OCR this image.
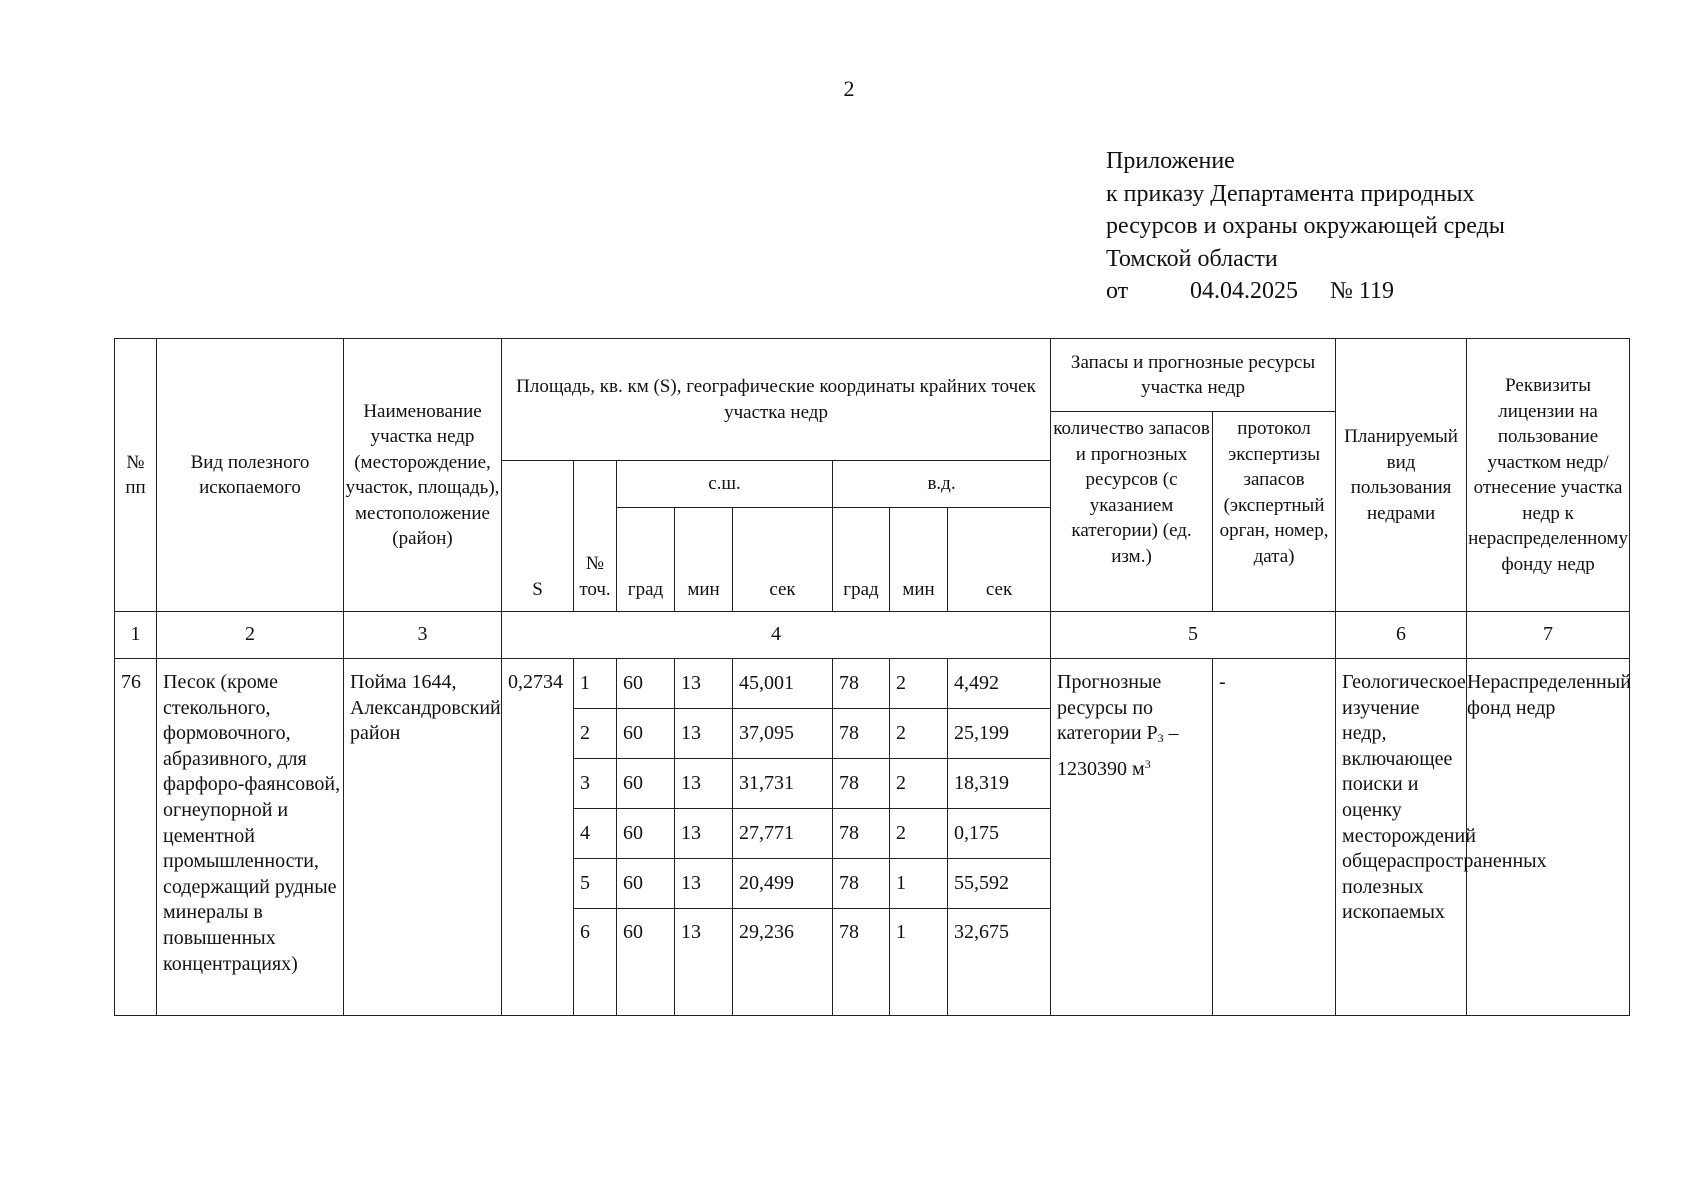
2
Приложение
к приказу Департамента природных
ресурсов и охраны окружающей среды
Томской области
от	04.04.2025 № 119
№ пп	Вид полезного ископаемого	Наименование участка недр (месторождение, участок, площадь), местоположение (район)	Площадь, кв. км (S), географические координаты крайних точек участка недр								Запасы и прогнозные ресурсы участка недр		Планируемый вид пользования недрами	Реквизиты лицензии на пользование участком недр/ отнесение участка недр к нераспределенному фонду недр
											количество запасов и прогнозных ресурсов (с указанием категории) (ед. изм.)	протокол экспертизы запасов (экспертный орган, номер, дата)		
			S	№ точ.	с.ш.			в.д.						
					град	мин	сек	град	мин	сек				
1	2	3	4								5		6	7
76	Песок (кроме стекольного, формовочного, абразивного, для фарфоро-фаянсовой, огнеупорной и цементной промышленности, содержащий рудные минералы в повышенных концентрациях)	Пойма 1644, Александровский район	0,2734	1	60	13	45,001	78	2	4,492	Прогнозные ресурсы по категории $P_3 - 1230390$ $м^3$	-	Геологическое изучение недр, включающее поиски и оценку месторождений общераспространенных полезных ископаемых	Нераспределенный фонд недр
				2	60	13	37,095	78	2	25,199				
				3	60	13	31,731	78	2	18,319				
				4	60	13	27,771	78	2	0,175				
				5	60	13	20,499	78	1	55,592				
				6	60	13	29,236	78	1	32,675				
